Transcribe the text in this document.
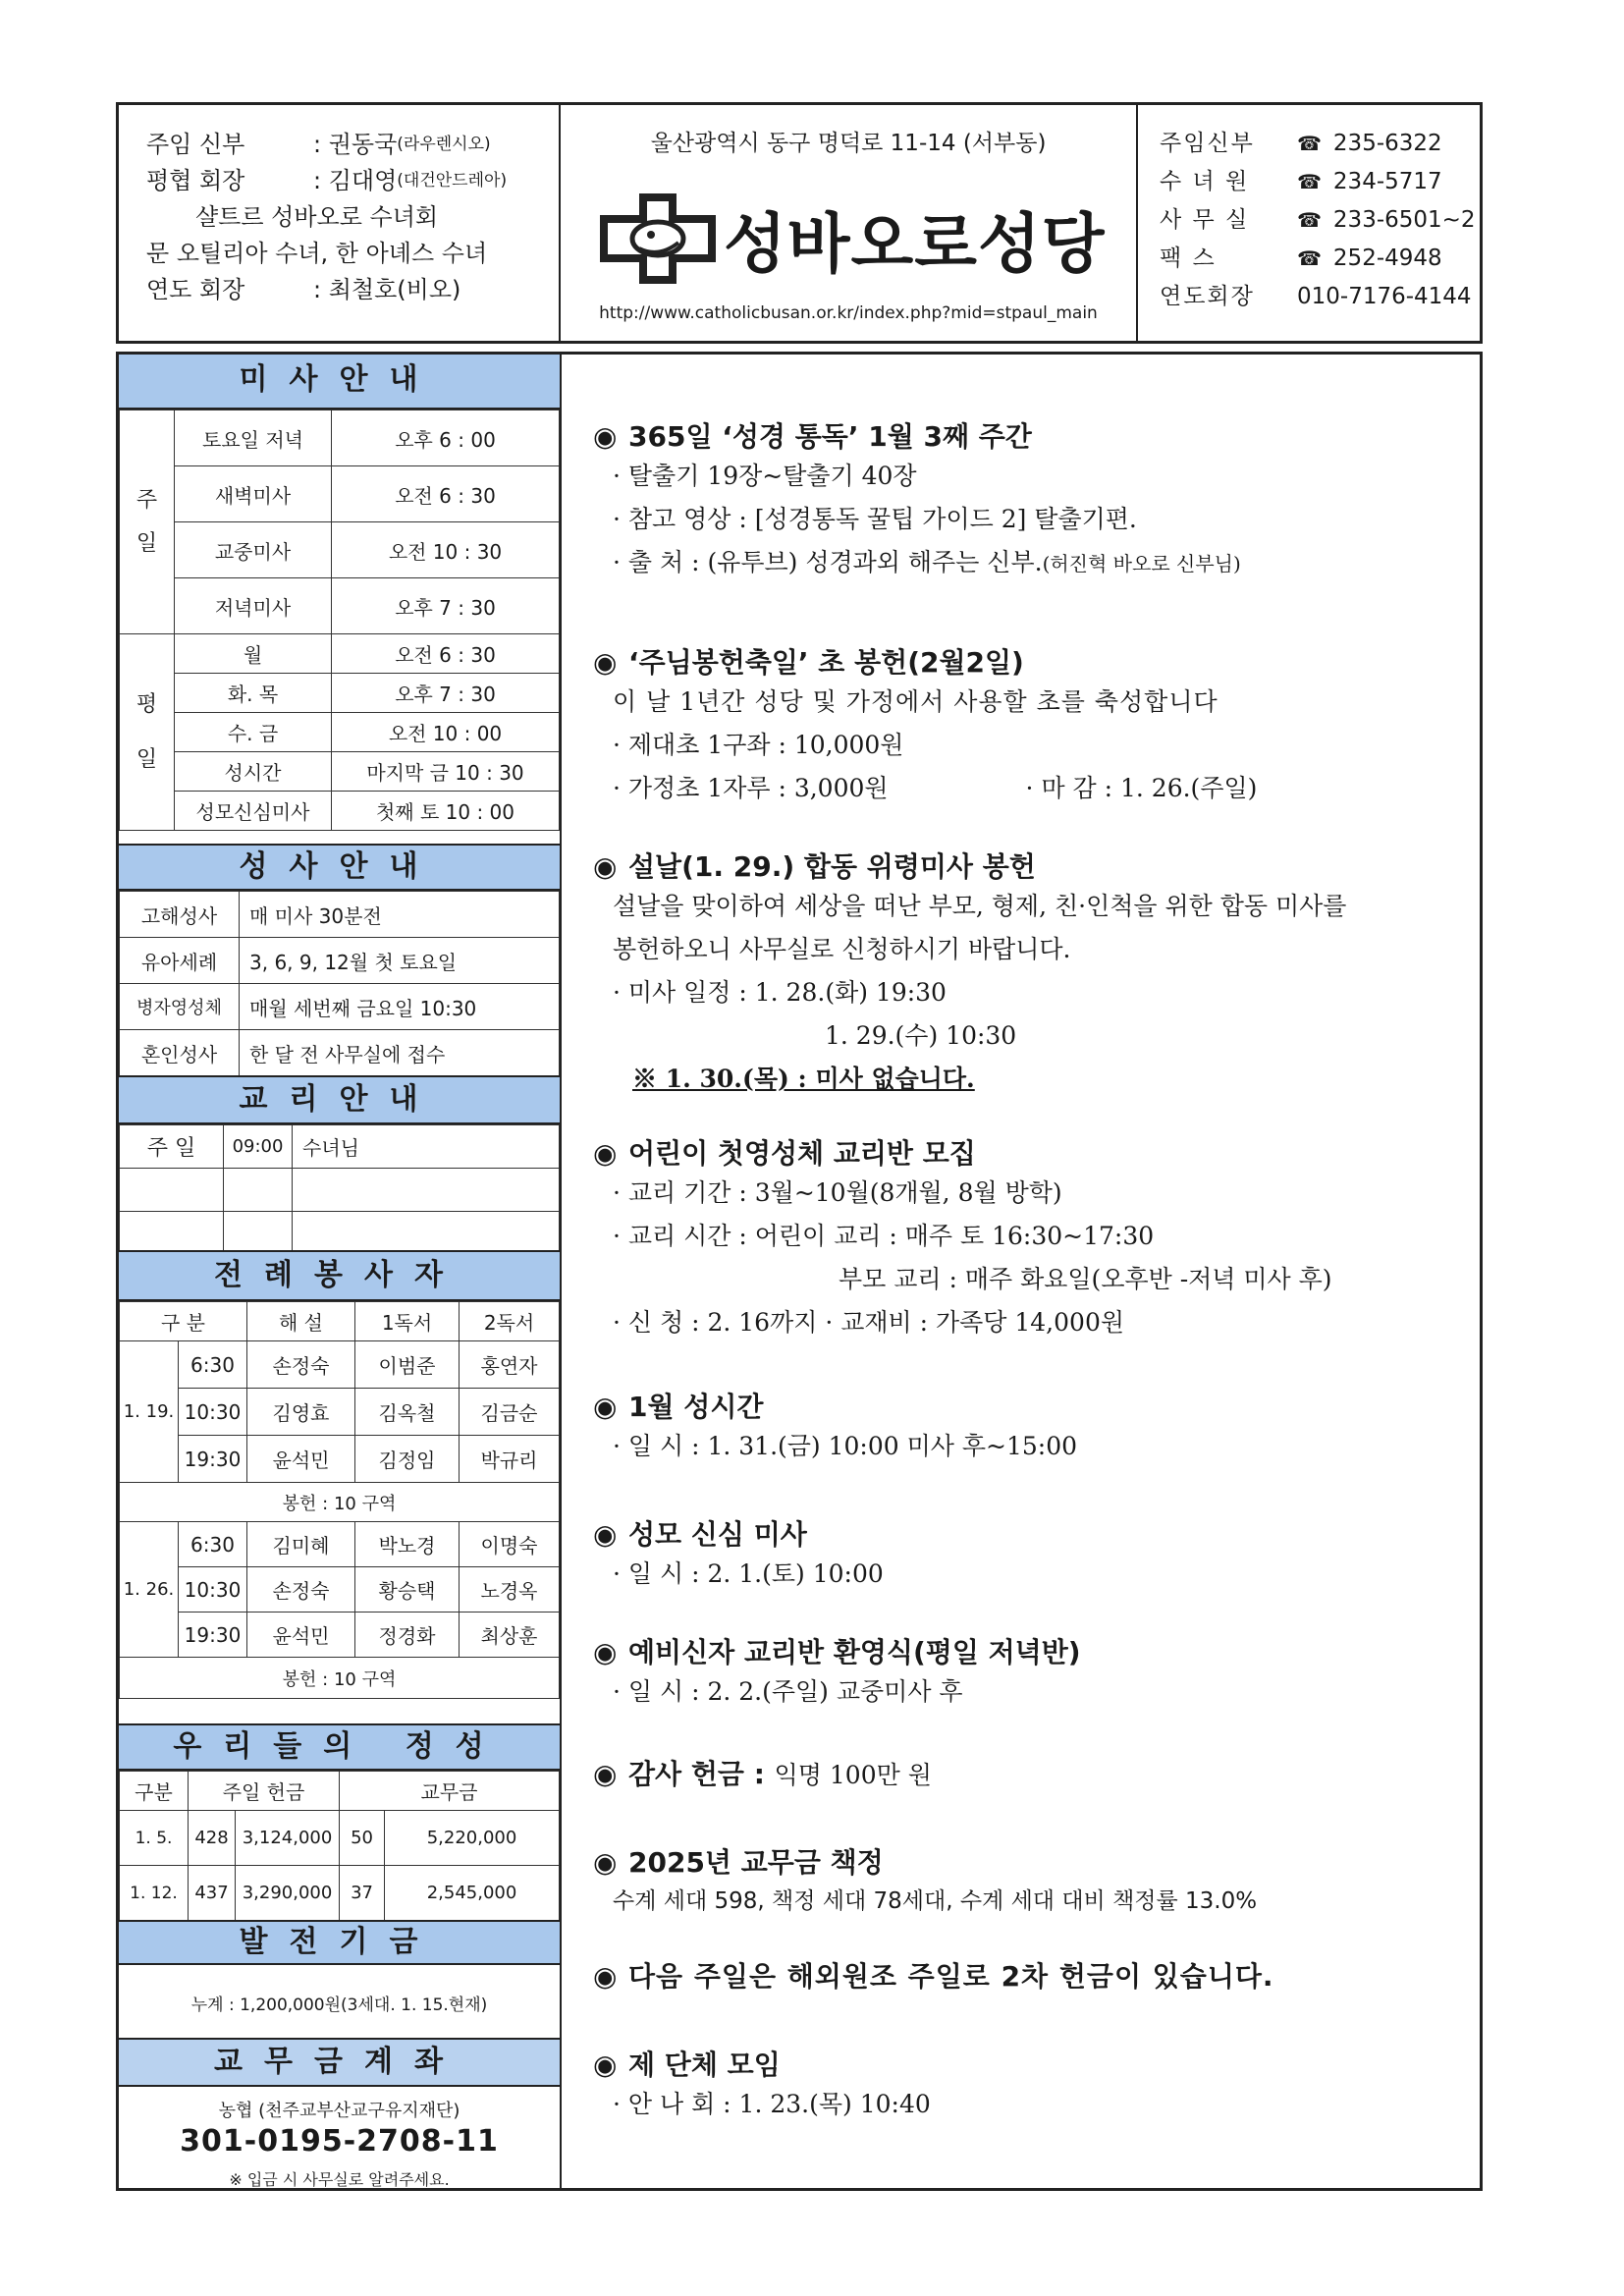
주임 신부	: 권동국 (라우렌시오)
평협 회장	: 김대영 (대건안드레아)
샬트르 성바오로 수녀회
문 오틸리아 수녀, 한 아녜스 수녀
연도 회장	: 최철호(비오)
울산광역시 동구 명덕로 11-14 (서부동)
성바오로성당
http://www.catholicbusan.or.kr/index.php?mid=stpaul_main
주임신부	☎ 235-6322
수 녀 원	☎ 234-5717
사 무 실	☎ 233-6501~2
팩 스	☎ 252-4948
연도회장	010-7176-4144
미사안내
주일	토요일 저녁	오후 6 : 00
	새벽미사	오전 6 : 30
	교중미사	오전 10 : 30
	저녁미사	오후 7 : 30
평일	월	오전 6 : 30
	화. 목	오후 7 : 30
	수. 금	오전 10 : 00
	성시간	마지막 금 10 : 30
	성모신심미사	첫째 토 10 : 00
성사안내
고해성사	매 미사 30분전
유아세례	3, 6, 9, 12월 첫 토요일
병자영성체	매월 세번째 금요일 10:30
혼인성사	한 달 전 사무실에 접수
교리안내
주 일	09:00	수녀님

전례봉사자
구 분		해 설	1독서	2독서
1. 19.	6:30	손정숙	이범준	홍연자
	10:30	김영효	김옥철	김금순
	19:30	윤석민	김정임	박규리
봉헌 : 10 구역				
1. 26.	6:30	김미혜	박노경	이명숙
	10:30	손정숙	황승택	노경옥
	19:30	윤석민	정경화	최상훈
봉헌 : 10 구역				
우리들의 정성
구분	주일 헌금		교무금	
1. 5.	428	3,124,000	50	5,220,000
1. 12.	437	3,290,000	37	2,545,000
발전기금
누계 : 1,200,000원(3세대. 1. 15.현재)
교무금계좌
농협 (천주교부산교구유지재단)
301-0195-2708-11
※ 입금 시 사무실로 알려주세요.
◉ 365일 ‘성경 통독’ 1월 3째 주간
· 탈출기 19장~탈출기 40장
· 참고 영상 : [성경통독 꿀팁 가이드 2] 탈출기편.
· 출 처 : (유투브) 성경과외 해주는 신부.(허진혁 바오로 신부님)
◉ ‘주님봉헌축일’ 초 봉헌(2월2일)
이 날 1년간 성당 및 가정에서 사용할 초를 축성합니다
· 제대초 1구좌 : 10,000원
· 가정초 1자루 : 3,000원	· 마 감 : 1. 26.(주일)
◉ 설날(1. 29.) 합동 위령미사 봉헌
설날을 맞이하여 세상을 떠난 부모, 형제, 친·인척을 위한 합동 미사를
봉헌하오니 사무실로 신청하시기 바랍니다.
· 미사 일정 : 1. 28.(화) 19:30
1. 29.(수) 10:30
※ 1. 30.(목) : 미사 없습니다.
◉ 어린이 첫영성체 교리반 모집
· 교리 기간 : 3월~10월(8개월, 8월 방학)
· 교리 시간 : 어린이 교리 : 매주 토 16:30~17:30
부모 교리 : 매주 화요일(오후반 -저녁 미사 후)
· 신 청 : 2. 16까지 · 교재비 : 가족당 14,000원
◉ 1월 성시간
· 일 시 : 1. 31.(금) 10:00 미사 후~15:00
◉ 성모 신심 미사
· 일 시 : 2. 1.(토) 10:00
◉ 예비신자 교리반 환영식(평일 저녁반)
· 일 시 : 2. 2.(주일) 교중미사 후
◉ 감사 헌금 : 익명 100만 원
◉ 2025년 교무금 책정
수계 세대 598, 책정 세대 78세대, 수계 세대 대비 책정률 13.0%
◉ 다음 주일은 해외원조 주일로 2차 헌금이 있습니다.
◉ 제 단체 모임
· 안 나 회 : 1. 23.(목) 10:40
